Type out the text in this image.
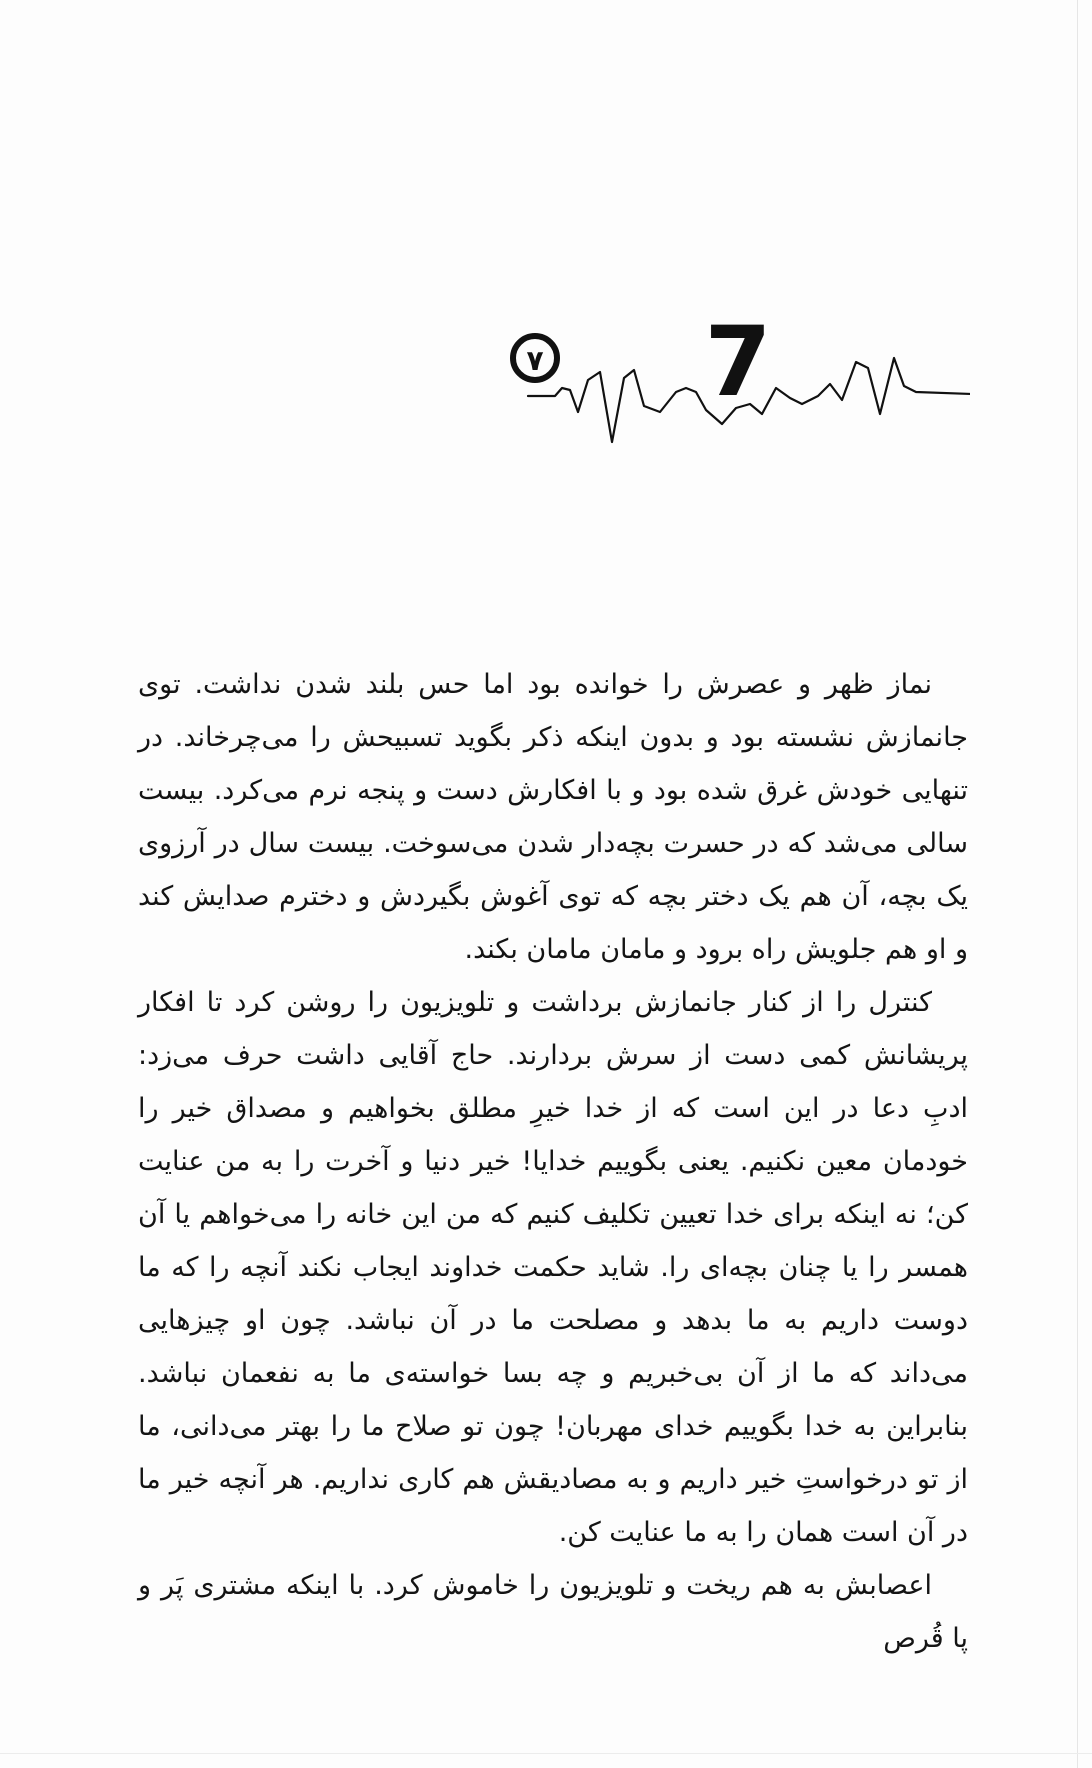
٧ 7

نماز ظهر و عصرش را خوانده بود اما حس بلند شدن نداشت. توی جانمازش نشسته بود و بدون اینکه ذکر بگوید تسبیحش را می‌چرخاند. در تنهایی خودش غرق شده بود و با افکارش دست و پنجه نرم می‌کرد. بیست سالی می‌شد که در حسرت بچه‌دار شدن می‌سوخت. بیست سال در آرزوی یک بچه، آن هم یک دختر بچه که توی آغوش بگیردش و دخترم صدایش کند و او هم جلویش راه برود و مامان مامان بکند.

کنترل را از کنار جانمازش برداشت و تلویزیون را روشن کرد تا افکار پریشانش کمی دست از سرش بردارند. حاج آقایی داشت حرف می‌زد: ادبِ دعا در این است که از خدا خیرِ مطلق بخواهیم و مصداق خیر را خودمان معین نکنیم. یعنی بگوییم خدایا! خیر دنیا و آخرت را به من عنایت کن؛ نه اینکه برای خدا تعیین تکلیف کنیم که من این خانه را می‌خواهم یا آن همسر را یا چنان بچه‌ای را. شاید حکمت خداوند ایجاب نکند آنچه را که ما دوست داریم به ما بدهد و مصلحت ما در آن نباشد. چون او چیزهایی می‌داند که ما از آن بی‌خبریم و چه بسا خواسته‌ی ما به نفعمان نباشد. بنابراین به خدا بگوییم خدای مهربان! چون تو صلاح ما را بهتر می‌دانی، ما از تو درخواستِ خیر داریم و به مصادیقش هم کاری نداریم. هر آنچه خیر ما در آن است همان را به ما عنایت کن.

اعصابش به هم ریخت و تلویزیون را خاموش کرد. با اینکه مشتری پَر و پا قُرص
